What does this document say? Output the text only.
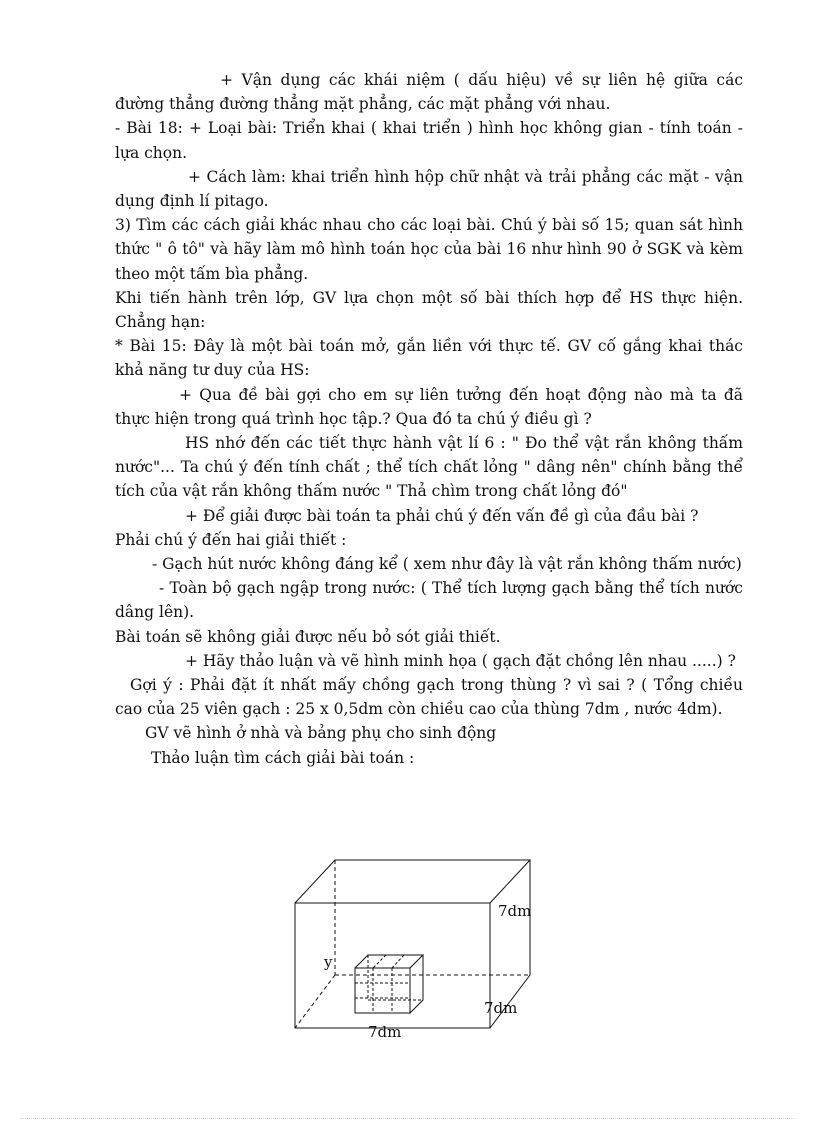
+ Vận dụng các khái niệm ( dấu hiệu) về sự liên hệ giữa các đường thẳng đường thẳng mặt phẳng, các mặt phẳng với nhau.

- Bài 18: + Loại bài: Triển khai ( khai triển ) hình học không gian - tính toán - lựa chọn.

+ Cách làm: khai triển hình hộp chữ nhật và trải phẳng các mặt - vận dụng định lí pitago.

3) Tìm các cách giải khác nhau cho các loại bài. Chú ý bài số 15; quan sát hình thức " ô tô" và hãy làm mô hình toán học của bài 16 như hình 90 ở SGK và kèm theo một tấm bìa phẳng.

Khi tiến hành trên lớp, GV lựa chọn một số bài thích hợp để HS thực hiện. Chẳng hạn:

* Bài 15: Đây là một bài toán mở, gắn liền với thực tế. GV cố gắng khai thác khả năng tư duy của HS:

+ Qua đề bài gợi cho em sự liên tưởng đến hoạt động nào mà ta đã thực hiện trong quá trình học tập.? Qua đó ta chú ý điều gì ?

HS nhớ đến các tiết thực hành vật lí 6 : " Đo thể vật rắn không thấm nước"... Ta chú ý đến tính chất ; thể tích chất lỏng " dâng nên" chính bằng thể tích của vật rắn không thấm nước " Thả chìm trong chất lỏng đó"

+ Để giải được bài toán ta phải chú ý đến vấn đề gì của đầu bài ?

Phải chú ý đến hai giải thiết :

- Gạch hút nước không đáng kể ( xem như đây là vật rắn không thấm nước)

- Toàn bộ gạch ngập trong nước: ( Thể tích lượng gạch bằng thể tích nước dâng lên).

Bài toán sẽ không giải được nếu bỏ sót giải thiết.

+ Hãy thảo luận và vẽ hình minh họa ( gạch đặt chồng lên nhau .....) ?

Gợi ý : Phải đặt ít nhất mấy chồng gạch trong thùng ? vì sai ? ( Tổng chiều cao của 25 viên gạch : 25 x 0,5dm còn chiều cao của thùng 7dm , nước 4dm).

GV vẽ hình ở nhà và bảng phụ cho sinh động

Thảo luận tìm cách giải bài toán :

y
7dm
7dm
7dm
